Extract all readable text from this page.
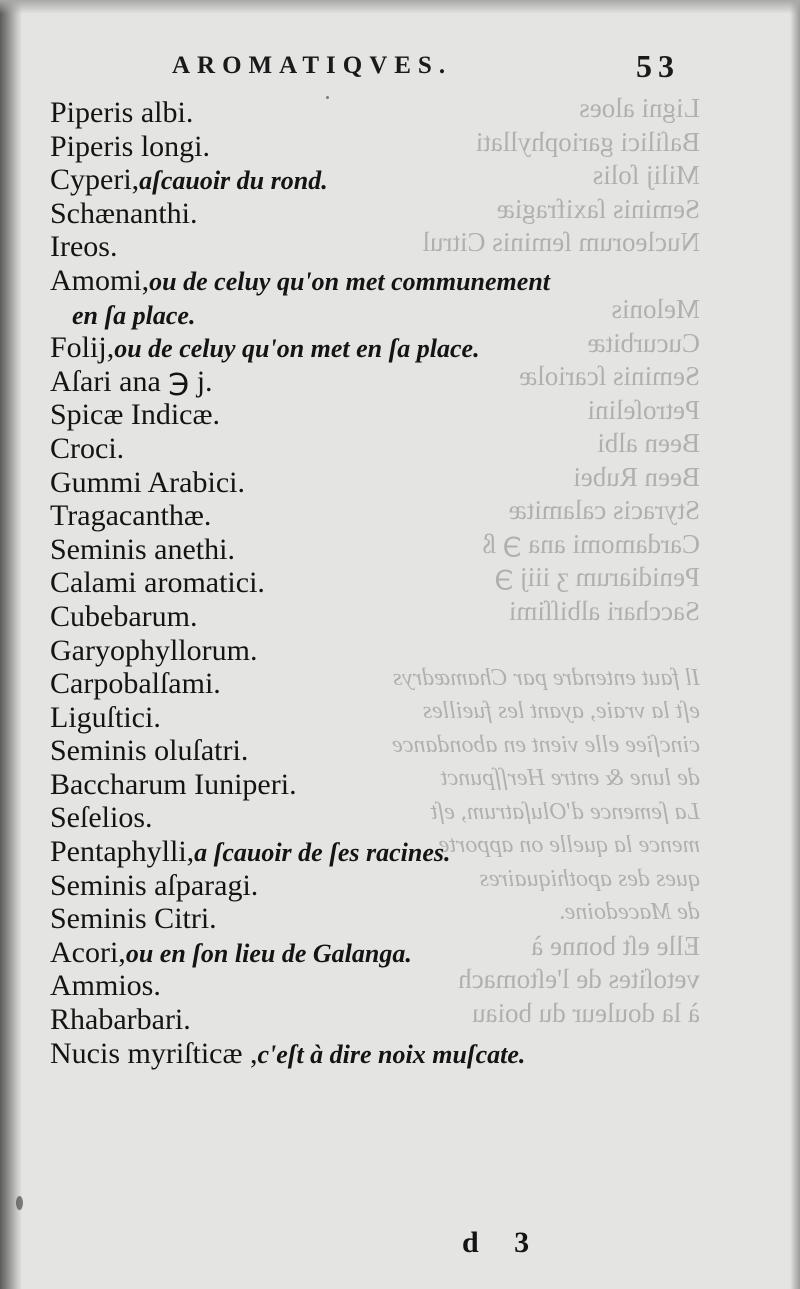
Ligni aloes
Baſilici gariophyllati
Milij ſolis
Seminis ſaxifragiæ
Nucleorum ſeminis Citrul

Melonis
Cucurbitæ
Seminis ſcariolæ
Petroſelini
Been albi
Been Rubei
Styracis calamitæ
Cardamomi ana ℈ ß
Penidiarum ʒ iiij ℈
Sacchari albiſſimi

Il faut entendre par Chamædrys
eſt la vraie, ayant les fueilles
cincſiee elle vient en abondance
de lune & entre Herſſpunct
La ſemence d'Oluſatrum, eſt
mence la quelle on apporte
ques des apothiquaires
de Macedoine.
Elle eſt bonne à
vetoſites de l'eſtomach
à la douleur du boiau

AROMATIQVES.	53
Piperis albi.
Piperis longi.
Cyperi,aſcauoir du rond.
Schænanthi.
Ireos.
Amomi,ou de celuy qu'on met communement
en ſa place.
Folij,ou de celuy qu'on met en ſa place.
Aſari ana ℈ j.
Spicæ Indicæ.
Croci.
Gummi Arabici.
Tragacanthæ.
Seminis anethi.
Calami aromatici.
Cubebarum.
Garyophyllorum.
Carpobalſami.
Liguſtici.
Seminis oluſatri.
Baccharum Iuniperi.
Seſelios.
Pentaphylli,a ſcauoir de ſes racines.
Seminis aſparagi.
Seminis Citri.
Acori,ou en ſon lieu de Galanga.
Ammios.
Rhabarbari.
Nucis myriſticæ ,c'eſt à dire noix muſcate.
d 3
